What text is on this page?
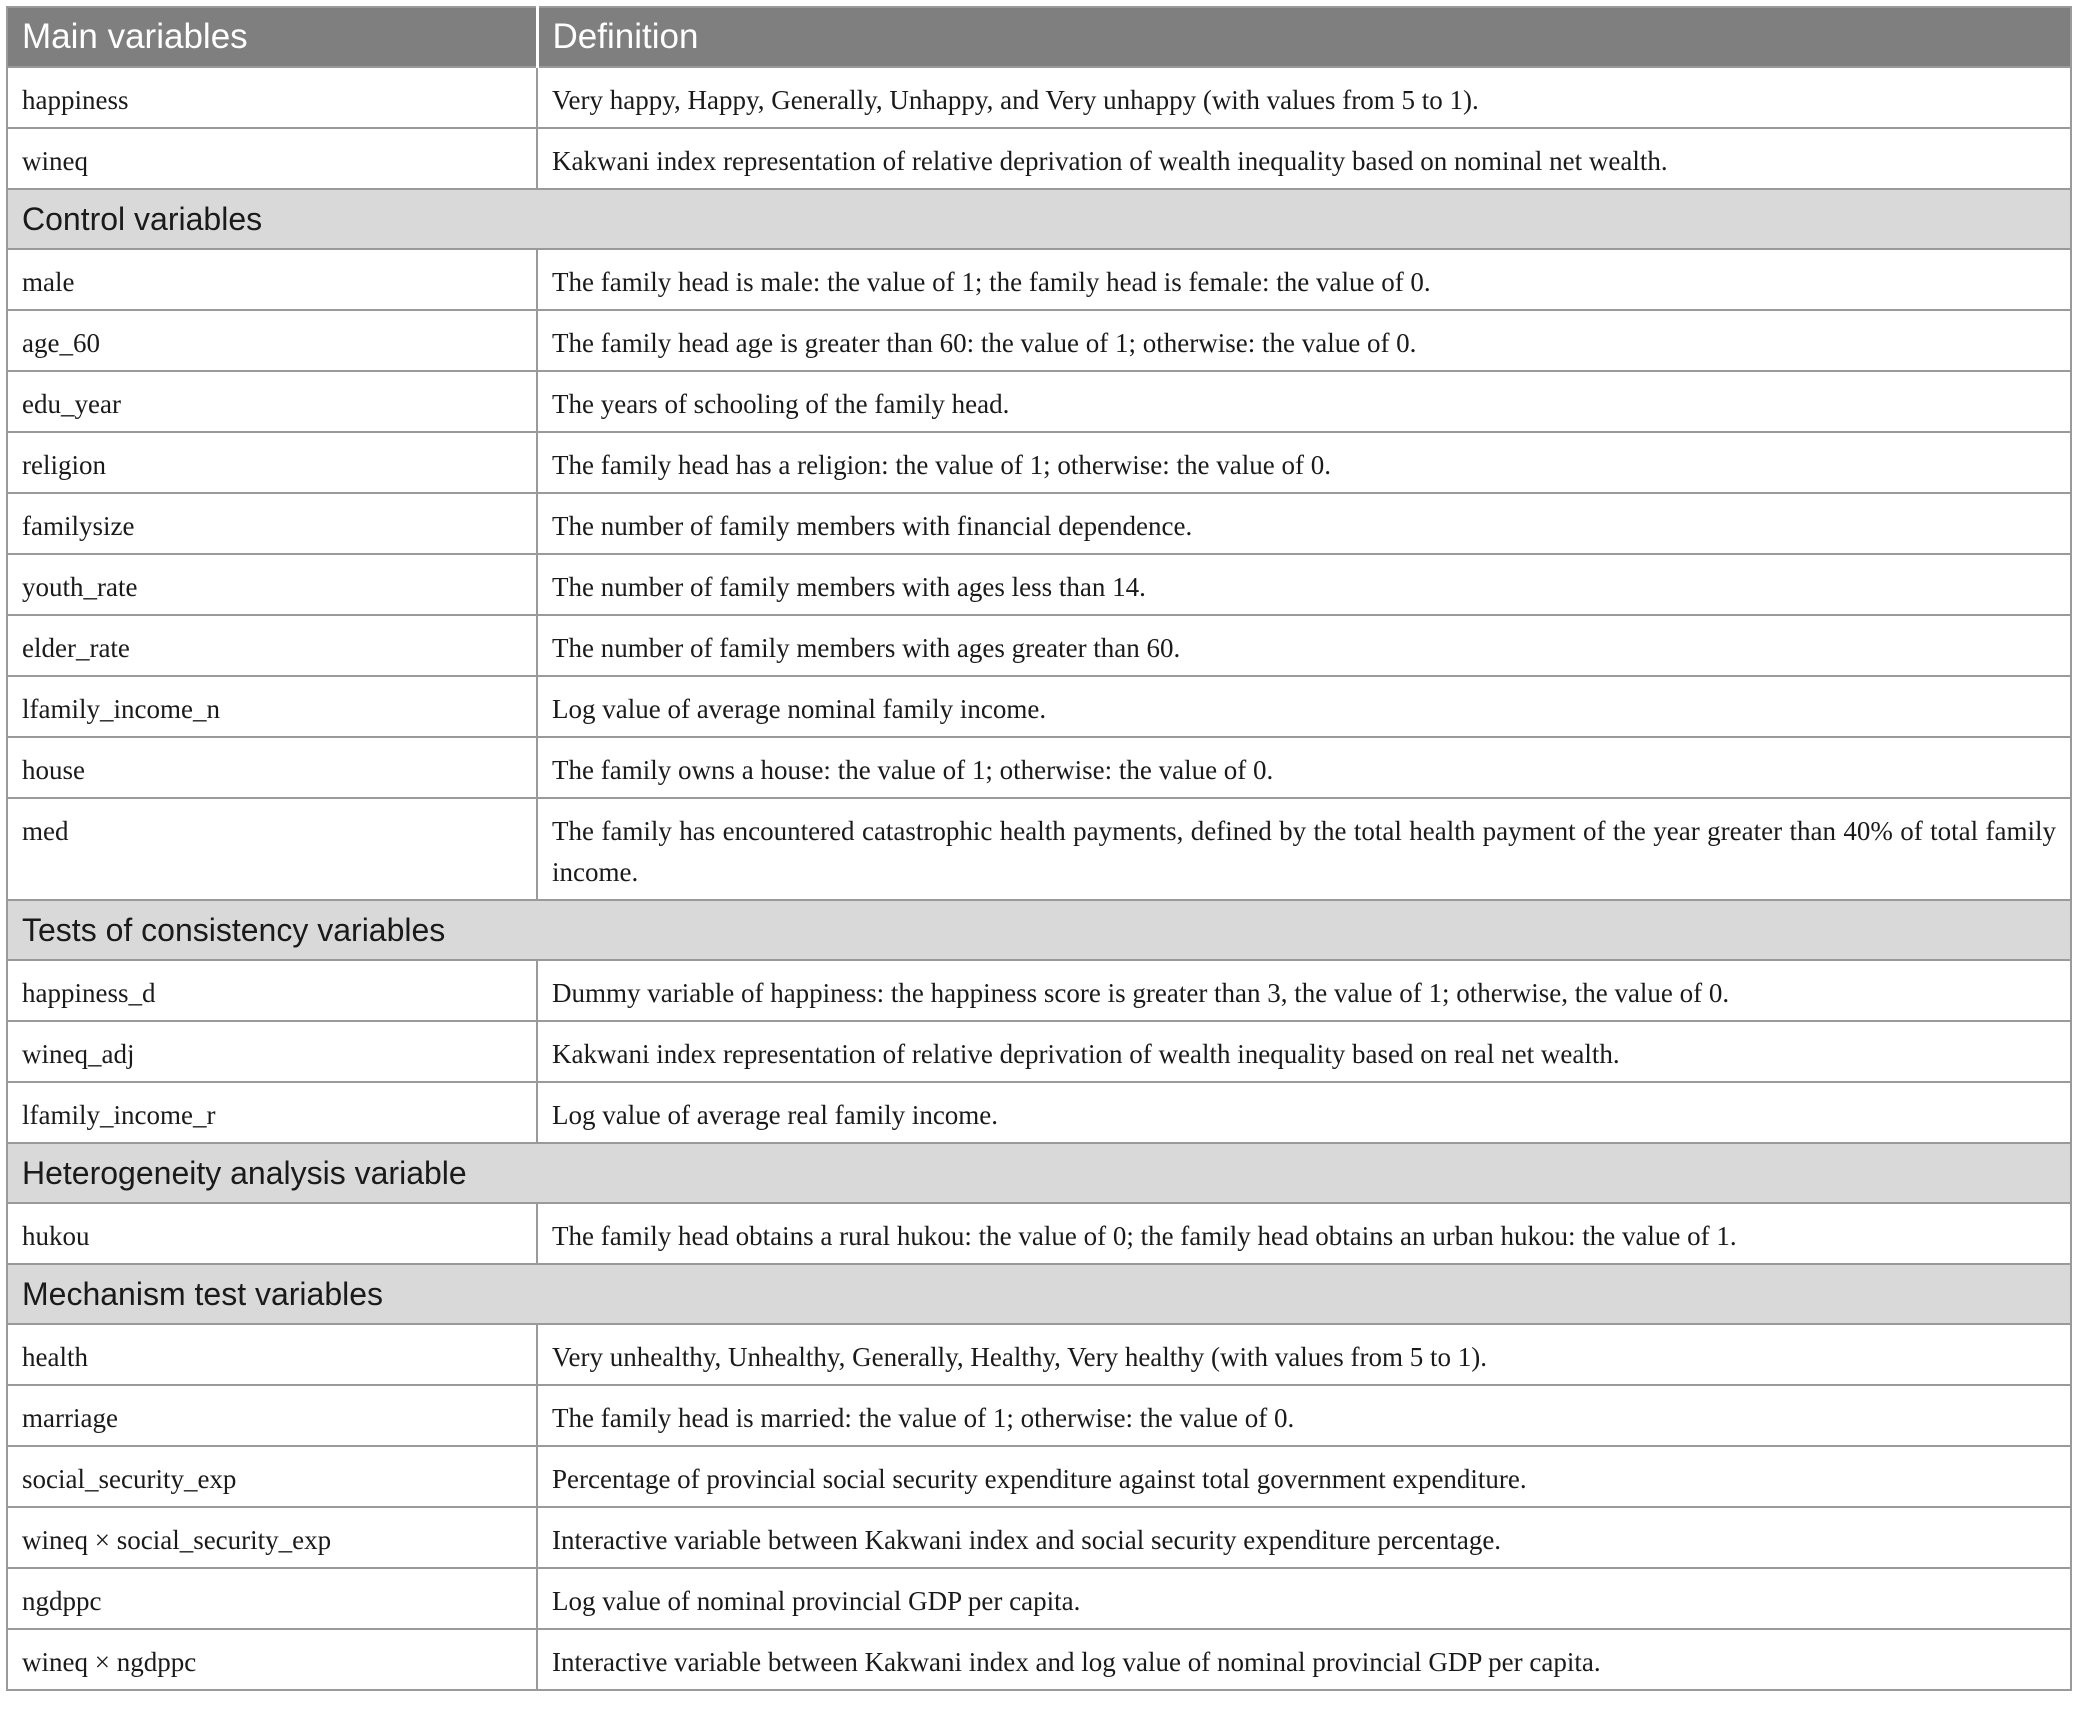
Main variables	Definition
happiness	Very happy, Happy, Generally, Unhappy, and Very unhappy (with values from 5 to 1).
wineq	Kakwani index representation of relative deprivation of wealth inequality based on nominal net wealth.
Control variables	
male	The family head is male: the value of 1; the family head is female: the value of 0.
age_60	The family head age is greater than 60: the value of 1; otherwise: the value of 0.
edu_year	The years of schooling of the family head.
religion	The family head has a religion: the value of 1; otherwise: the value of 0.
familysize	The number of family members with financial dependence.
youth_rate	The number of family members with ages less than 14.
elder_rate	The number of family members with ages greater than 60.
lfamily_income_n	Log value of average nominal family income.
house	The family owns a house: the value of 1; otherwise: the value of 0.
med	The family has encountered catastrophic health payments, defined by the total health payment of the year greater than 40% of total family income.
Tests of consistency variables	
happiness_d	Dummy variable of happiness: the happiness score is greater than 3, the value of 1; otherwise, the value of 0.
wineq_adj	Kakwani index representation of relative deprivation of wealth inequality based on real net wealth.
lfamily_income_r	Log value of average real family income.
Heterogeneity analysis variable	
hukou	The family head obtains a rural hukou: the value of 0; the family head obtains an urban hukou: the value of 1.
Mechanism test variables	
health	Very unhealthy, Unhealthy, Generally, Healthy, Very healthy (with values from 5 to 1).
marriage	The family head is married: the value of 1; otherwise: the value of 0.
social_security_exp	Percentage of provincial social security expenditure against total government expenditure.
wineq × social_security_exp	Interactive variable between Kakwani index and social security expenditure percentage.
ngdppc	Log value of nominal provincial GDP per capita.
wineq × ngdppc	Interactive variable between Kakwani index and log value of nominal provincial GDP per capita.
